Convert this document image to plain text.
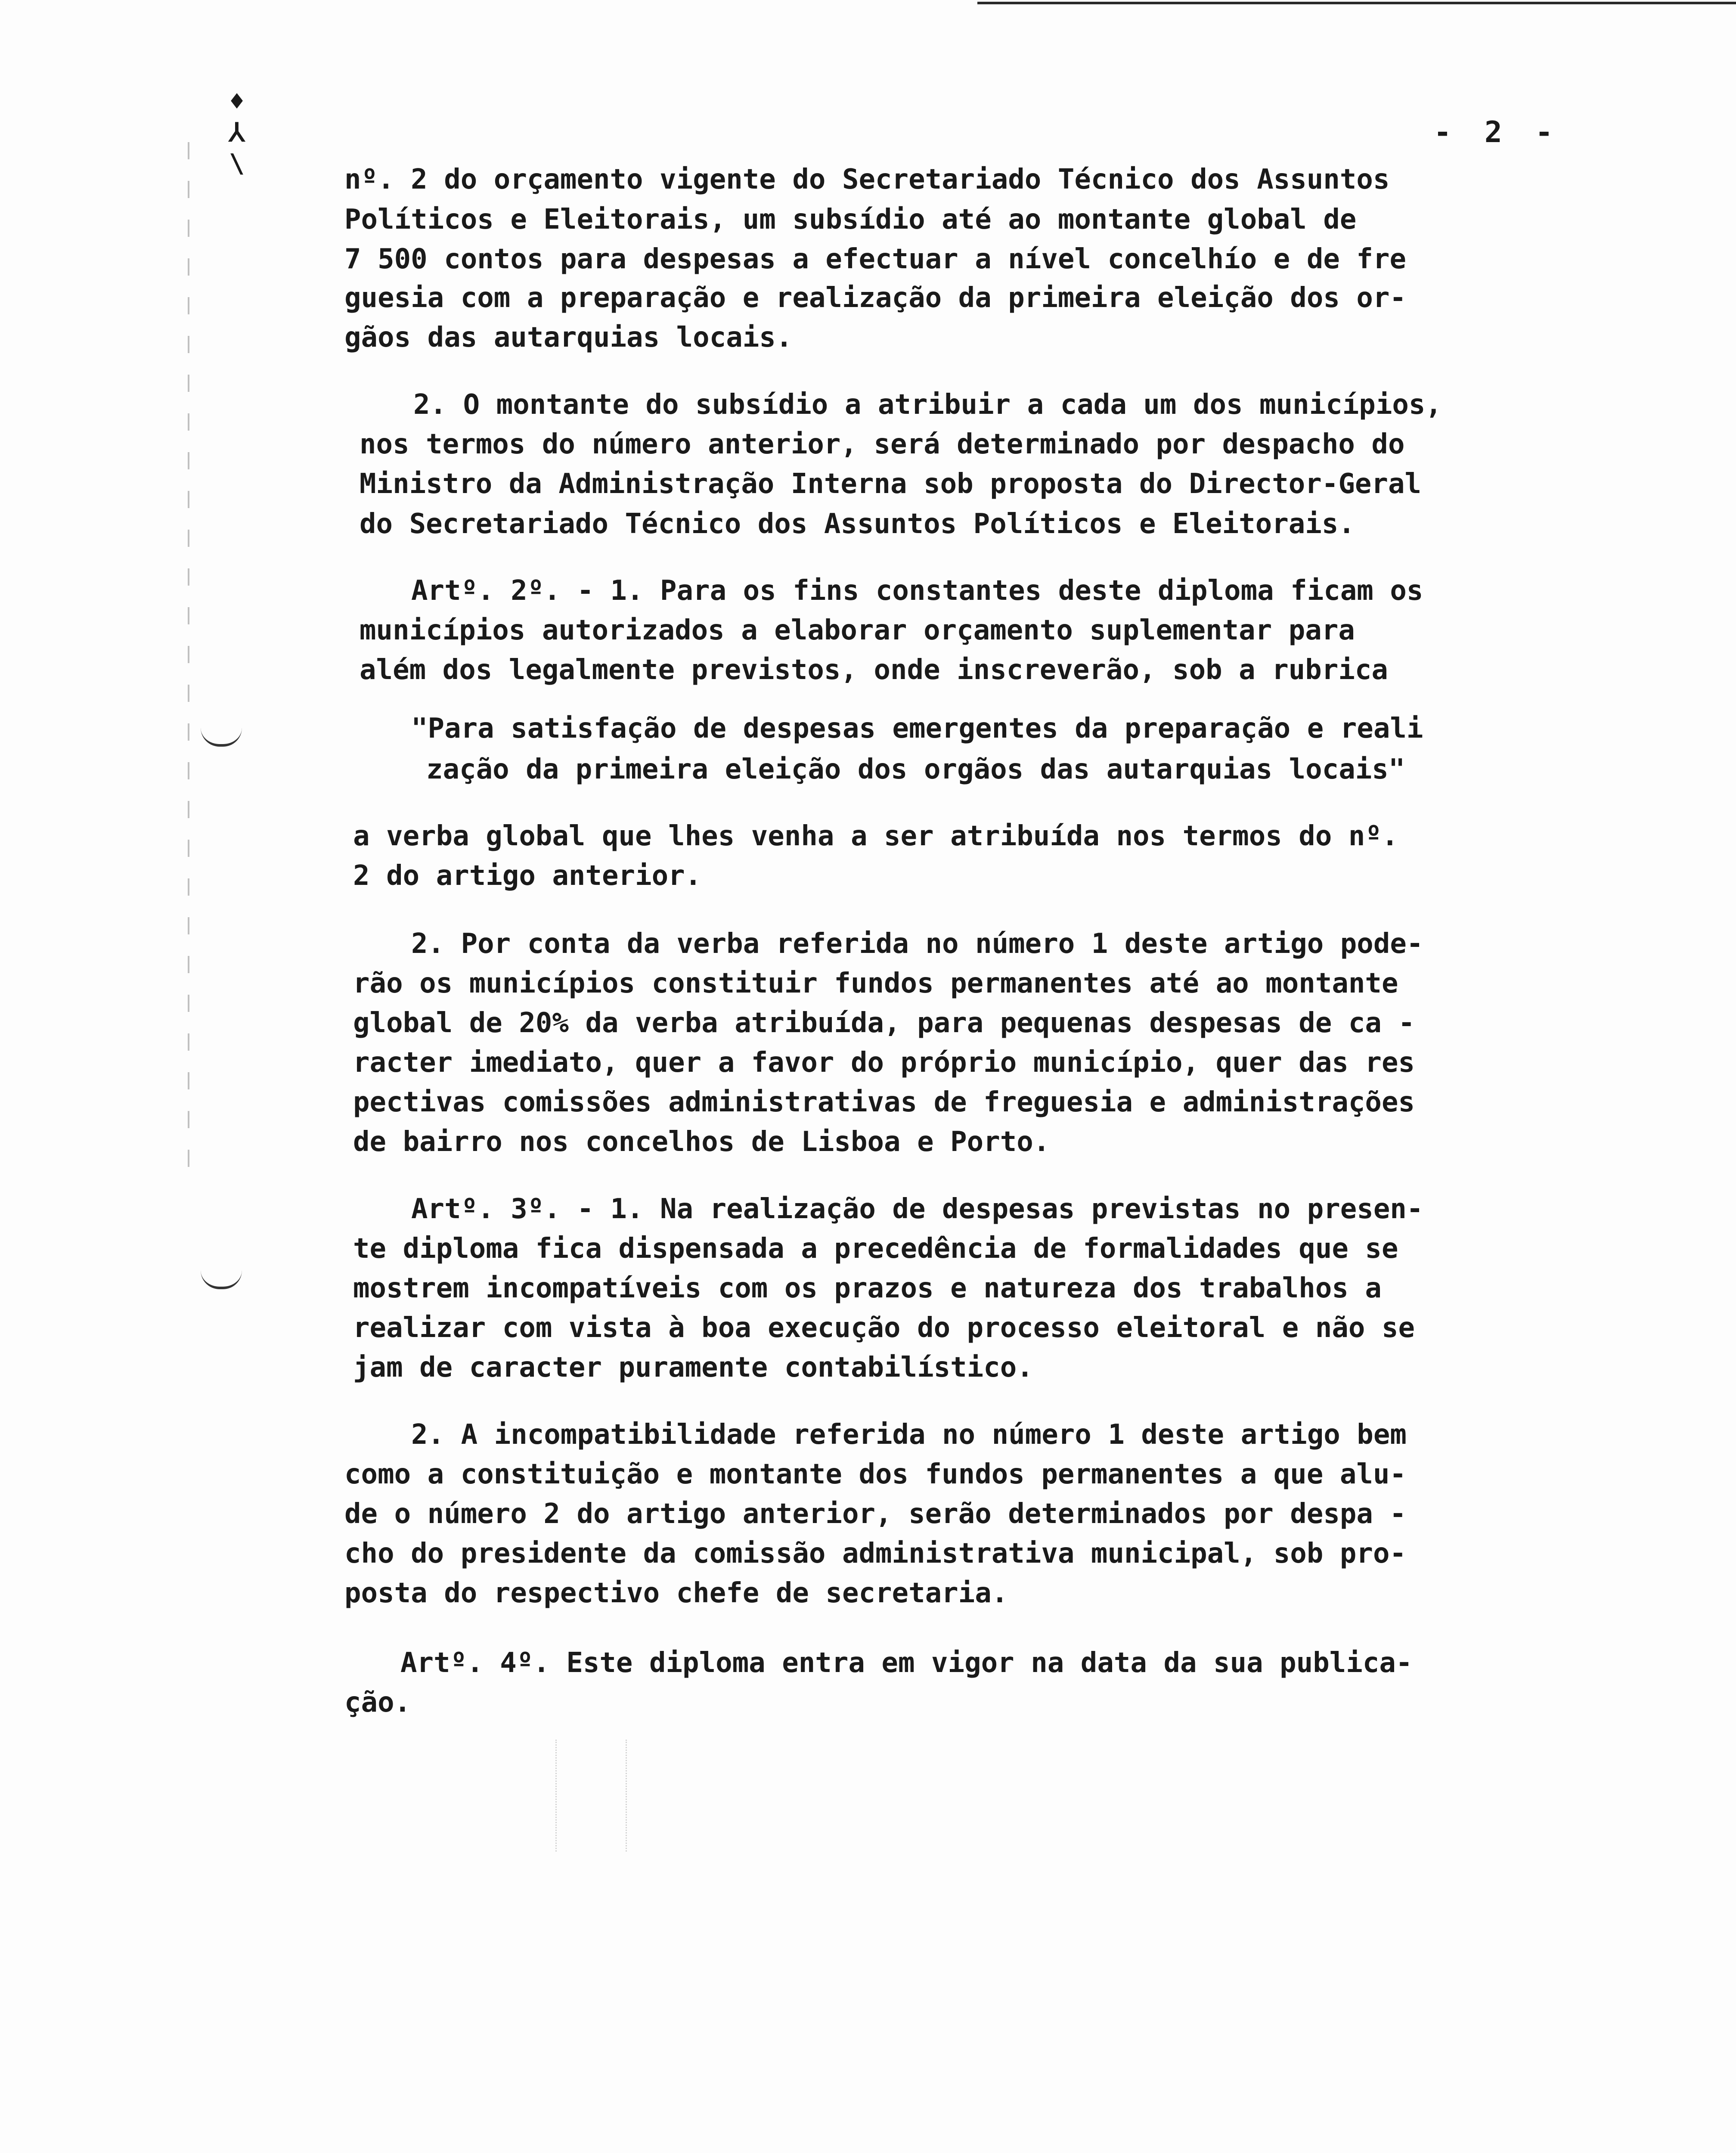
♦
⅄
\
- 2 -
nº. 2 do orçamento vigente do Secretariado Técnico dos Assuntos
Políticos e Eleitorais, um subsídio até ao montante global de
7 500 contos para despesas a efectuar a nível concelhío e de fre
guesia com a preparação e realização da primeira eleição dos or-
gãos das autarquias locais.
2. O montante do subsídio a atribuir a cada um dos municípios,
nos termos do número anterior, será determinado por despacho do
Ministro da Administração Interna sob proposta do Director-Geral
do Secretariado Técnico dos Assuntos Políticos e Eleitorais.
Artº. 2º. - 1. Para os fins constantes deste diploma ficam os
municípios autorizados a elaborar orçamento suplementar para
além dos legalmente previstos, onde inscreverão, sob a rubrica
"Para satisfação de despesas emergentes da preparação e reali
zação da primeira eleição dos orgãos das autarquias locais"
a verba global que lhes venha a ser atribuída nos termos do nº.
2 do artigo anterior.
2. Por conta da verba referida no número 1 deste artigo pode-
rão os municípios constituir fundos permanentes até ao montante
global de 20% da verba atribuída, para pequenas despesas de ca -
racter imediato, quer a favor do próprio município, quer das res
pectivas comissões administrativas de freguesia e administrações
de bairro nos concelhos de Lisboa e Porto.
Artº. 3º. - 1. Na realização de despesas previstas no presen-
te diploma fica dispensada a precedência de formalidades que se
mostrem incompatíveis com os prazos e natureza dos trabalhos a
realizar com vista à boa execução do processo eleitoral e não se
jam de caracter puramente contabilístico.
2. A incompatibilidade referida no número 1 deste artigo bem
como a constituição e montante dos fundos permanentes a que alu-
de o número 2 do artigo anterior, serão determinados por despa -
cho do presidente da comissão administrativa municipal, sob pro-
posta do respectivo chefe de secretaria.
Artº. 4º. Este diploma entra em vigor na data da sua publica-
ção.
